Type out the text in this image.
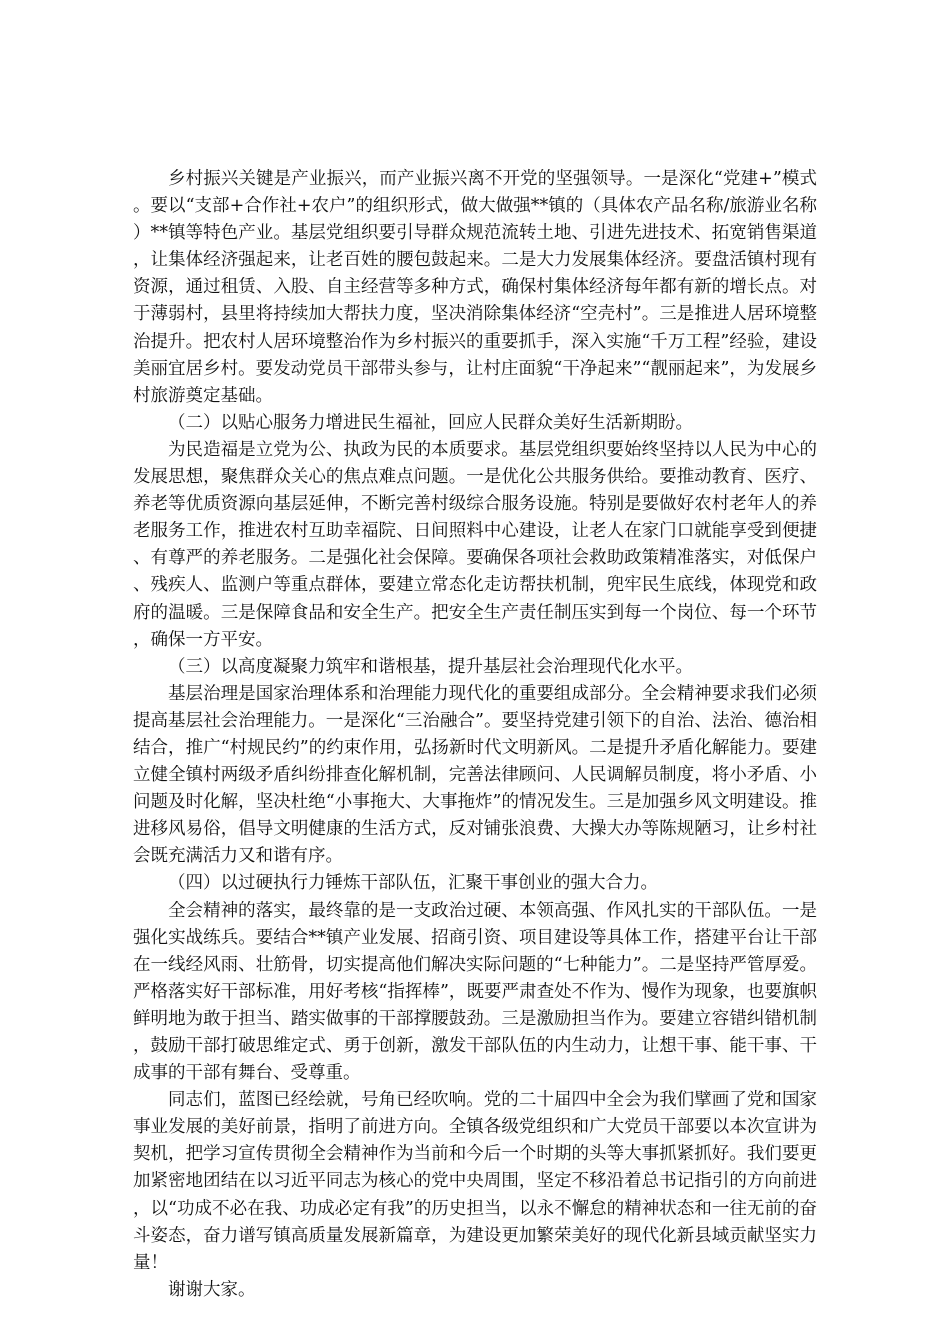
乡村振兴关键是产业振兴，而产业振兴离不开党的坚强领导。一是深化“党建+”模式。要以“支部+合作社+农户”的组织形式，做大做强**镇的（具体农产品名称/旅游业名称）**镇等特色产业。基层党组织要引导群众规范流转土地、引进先进技术、拓宽销售渠道，让集体经济强起来，让老百姓的腰包鼓起来。二是大力发展集体经济。要盘活镇村现有资源，通过租赁、入股、自主经营等多种方式，确保村集体经济每年都有新的增长点。对于薄弱村，县里将持续加大帮扶力度，坚决消除集体经济“空壳村”。三是推进人居环境整治提升。把农村人居环境整治作为乡村振兴的重要抓手，深入实施“千万工程”经验，建设美丽宜居乡村。要发动党员干部带头参与，让村庄面貌“干净起来”“靓丽起来”，为发展乡村旅游奠定基础。

（二）以贴心服务力增进民生福祉，回应人民群众美好生活新期盼。

为民造福是立党为公、执政为民的本质要求。基层党组织要始终坚持以人民为中心的发展思想，聚焦群众关心的焦点难点问题。一是优化公共服务供给。要推动教育、医疗、养老等优质资源向基层延伸，不断完善村级综合服务设施。特别是要做好农村老年人的养老服务工作，推进农村互助幸福院、日间照料中心建设，让老人在家门口就能享受到便捷、有尊严的养老服务。二是强化社会保障。要确保各项社会救助政策精准落实，对低保户、残疾人、监测户等重点群体，要建立常态化走访帮扶机制，兜牢民生底线，体现党和政府的温暖。三是保障食品和安全生产。把安全生产责任制压实到每一个岗位、每一个环节，确保一方平安。

（三）以高度凝聚力筑牢和谐根基，提升基层社会治理现代化水平。

基层治理是国家治理体系和治理能力现代化的重要组成部分。全会精神要求我们必须提高基层社会治理能力。一是深化“三治融合”。要坚持党建引领下的自治、法治、德治相结合，推广“村规民约”的约束作用，弘扬新时代文明新风。二是提升矛盾化解能力。要建立健全镇村两级矛盾纠纷排查化解机制，完善法律顾问、人民调解员制度，将小矛盾、小问题及时化解，坚决杜绝“小事拖大、大事拖炸”的情况发生。三是加强乡风文明建设。推进移风易俗，倡导文明健康的生活方式，反对铺张浪费、大操大办等陈规陋习，让乡村社会既充满活力又和谐有序。

（四）以过硬执行力锤炼干部队伍，汇聚干事创业的强大合力。

全会精神的落实，最终靠的是一支政治过硬、本领高强、作风扎实的干部队伍。一是强化实战练兵。要结合**镇产业发展、招商引资、项目建设等具体工作，搭建平台让干部在一线经风雨、壮筋骨，切实提高他们解决实际问题的“七种能力”。二是坚持严管厚爱。严格落实好干部标准，用好考核“指挥棒”，既要严肃查处不作为、慢作为现象，也要旗帜鲜明地为敢于担当、踏实做事的干部撑腰鼓劲。三是激励担当作为。要建立容错纠错机制，鼓励干部打破思维定式、勇于创新，激发干部队伍的内生动力，让想干事、能干事、干成事的干部有舞台、受尊重。

同志们，蓝图已经绘就，号角已经吹响。党的二十届四中全会为我们擘画了党和国家事业发展的美好前景，指明了前进方向。全镇各级党组织和广大党员干部要以本次宣讲为契机，把学习宣传贯彻全会精神作为当前和今后一个时期的头等大事抓紧抓好。我们要更加紧密地团结在以习近平同志为核心的党中央周围，坚定不移沿着总书记指引的方向前进，以“功成不必在我、功成必定有我”的历史担当，以永不懈怠的精神状态和一往无前的奋斗姿态，奋力谱写镇高质量发展新篇章，为建设更加繁荣美好的现代化新县域贡献坚实力量！

谢谢大家。
